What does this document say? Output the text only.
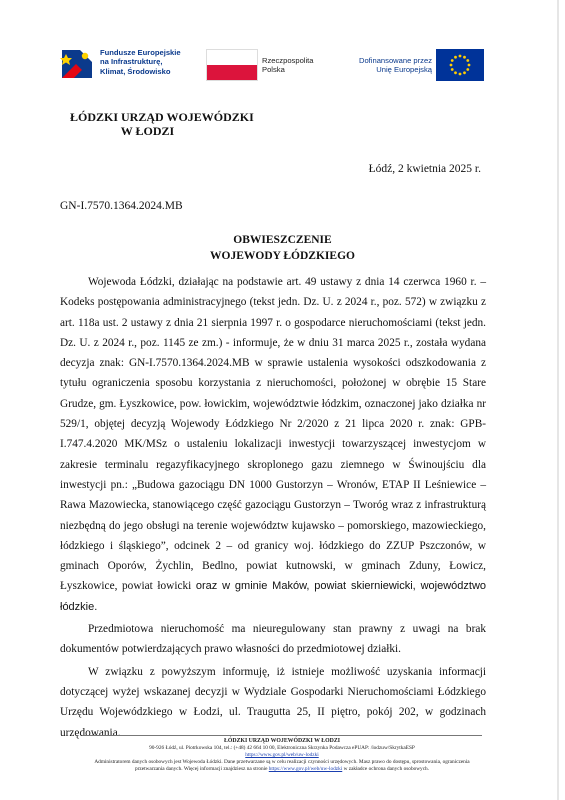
Fundusze Europejskie
na Infrastrukturę,
Klimat, Środowisko
Rzeczpospolita
Polska
Dofinansowane przez
Unię Europejską
ŁÓDZKI URZĄD WOJEWÓDZKI
W ŁODZI
Łódź, 2 kwietnia 2025 r.
GN-I.7570.1364.2024.MB
OBWIESZCZENIE
WOJEWODY ŁÓDZKIEGO

Wojewoda Łódzki, działając na podstawie art. 49 ustawy z dnia 14 czerwca 1960 r. – Kodeks postępowania administracyjnego (tekst jedn. Dz. U. z 2024 r., poz. 572) w związku z art. 118a ust. 2 ustawy z dnia 21 sierpnia 1997 r. o gospodarce nieruchomościami (tekst jedn. Dz. U. z 2024 r., poz. 1145 ze zm.) - informuje, że w dniu 31 marca 2025 r., została wydana decyzja znak: GN-I.7570.1364.2024.MB w sprawie ustalenia wysokości odszkodowania z tytułu ograniczenia sposobu korzystania z nieruchomości, położonej w obrębie 15 Stare Grudze, gm. Łyszkowice, pow. łowickim, województwie łódzkim, oznaczonej jako działka nr 529/1, objętej decyzją Wojewody Łódzkiego Nr 2/2020 z 21 lipca 2020 r. znak: GPB-I.747.4.2020 MK/MSz o ustaleniu lokalizacji inwestycji towarzyszącej inwestycjom w zakresie terminalu regazyfikacyjnego skroplonego gazu ziemnego w Świnoujściu dla inwestycji pn.: „Budowa gazociągu DN 1000 Gustorzyn – Wronów, ETAP II Leśniewice – Rawa Mazowiecka, stanowiącego część gazociągu Gustorzyn – Tworóg wraz z infrastrukturą niezbędną do jego obsługi na terenie województw kujawsko – pomorskiego, mazowieckiego, łódzkiego i śląskiego”, odcinek 2 – od granicy woj. łódzkiego do ZZUP Pszczonów, w gminach Oporów, Żychlin, Bedlno, powiat kutnowski, w gminach Zduny, Łowicz, Łyszkowice, powiat łowicki oraz w gminie Maków, powiat skierniewicki, województwo łódzkie.

Przedmiotowa nieruchomość ma nieuregulowany stan prawny z uwagi na brak dokumentów potwierdzających prawo własności do przedmiotowej działki.

W związku z powyższym informuję, iż istnieje możliwość uzyskania informacji dotyczącej wyżej wskazanej decyzji w Wydziale Gospodarki Nieruchomościami Łódzkiego Urzędu Wojewódzkiego w Łodzi, ul. Traugutta 25, II piętro, pokój 202, w godzinach urzędowania.

ŁÓDZKI URZĄD WOJEWÓDZKI W ŁODZI
90-926 Łódź, ul. Piotrkowska 104, tel.: (+48) 42 664 10 00, Elektroniczna Skrzynka Podawcza ePUAP: /lodzuw/SkrytkaESP
https://www.gov.pl/web/uw-lodzki
Administratorem danych osobowych jest Wojewoda Łódzki. Dane przetwarzane są w celu realizacji czynności urzędowych. Masz prawo do dostępu, sprostowania, ograniczenia przetwarzania danych. Więcej informacji znajdziesz na stronie https://www.gov.pl/web/uw-lodzki w zakładce ochrona danych osobowych.
